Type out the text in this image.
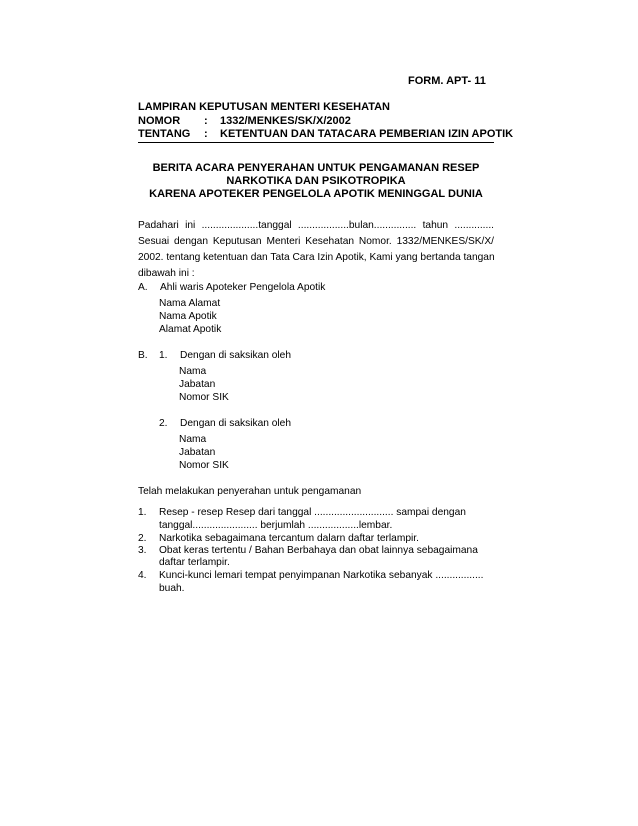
FORM. APT- 11
LAMPIRAN KEPUTUSAN MENTERI KESEHATAN
NOMOR : 1332/MENKES/SK/X/2002
TENTANG : KETENTUAN DAN TATACARA PEMBERIAN IZIN APOTIK
BERITA ACARA PENYERAHAN UNTUK PENGAMANAN RESEP
NARKOTIKA DAN PSIKOTROPIKA
KARENA APOTEKER PENGELOLA APOTIK MENINGGAL DUNIA
Padahari ini ....................tanggal ..................bulan............... tahun ..............
Sesuai dengan Keputusan Menteri Kesehatan Nomor. 1332/MENKES/SK/X/
2002. tentang ketentuan dan Tata Cara Izin Apotik, Kami yang bertanda tangan
dibawah ini :
A. Ahli waris Apoteker Pengelola Apotik
Nama Alamat
Nama Apotik
Alamat Apotik
B. 1. Dengan di saksikan oleh
Nama
Jabatan
Nomor SIK
2. Dengan di saksikan oleh
Nama
Jabatan
Nomor SIK
Telah melakukan penyerahan untuk pengamanan
1. Resep - resep Resep dari tanggal ............................ sampai dengan
tanggal....................... berjumlah ..................lembar.
2. Narkotika sebagaimana tercantum dalarn daftar terlampir.
3. Obat keras tertentu / Bahan Berbahaya dan obat lainnya sebagaimana
daftar terlampir.
4. Kunci-kunci lemari tempat penyimpanan Narkotika sebanyak .................
buah.
